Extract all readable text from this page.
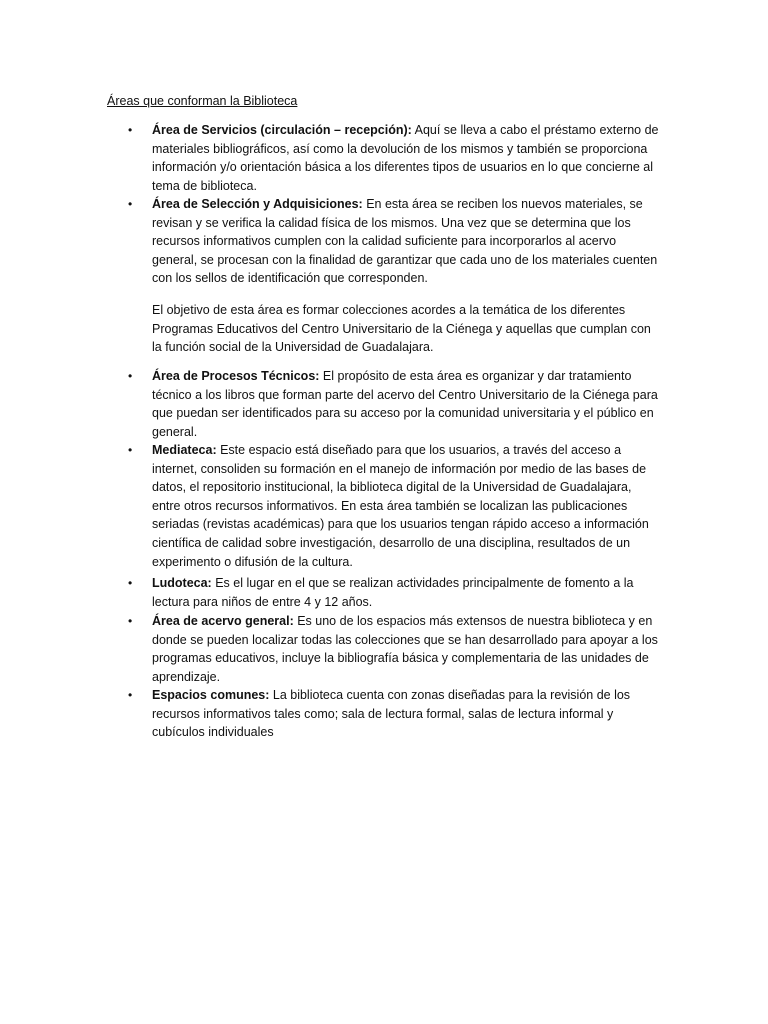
Áreas que conforman la Biblioteca
• Área de Servicios (circulación – recepción): Aquí se lleva a cabo el préstamo externo de materiales bibliográficos, así como la devolución de los mismos y también se proporciona información y/o orientación básica a los diferentes tipos de usuarios en lo que concierne al tema de biblioteca.
• Área de Selección y Adquisiciones: En esta área se reciben los nuevos materiales, se revisan y se verifica la calidad física de los mismos. Una vez que se determina que los recursos informativos cumplen con la calidad suficiente para incorporarlos al acervo general, se procesan con la finalidad de garantizar que cada uno de los materiales cuenten con los sellos de identificación que corresponden.
El objetivo de esta área es formar colecciones acordes a la temática de los diferentes Programas Educativos del Centro Universitario de la Ciénega y aquellas que cumplan con la función social de la Universidad de Guadalajara.
• Área de Procesos Técnicos: El propósito de esta área es organizar y dar tratamiento técnico a los libros que forman parte del acervo del Centro Universitario de la Ciénega para que puedan ser identificados para su acceso por la comunidad universitaria y el público en general.
• Mediateca: Este espacio está diseñado para que los usuarios, a través del acceso a internet, consoliden su formación en el manejo de información por medio de las bases de datos, el repositorio institucional, la biblioteca digital de la Universidad de Guadalajara, entre otros recursos informativos. En esta área también se localizan las publicaciones seriadas (revistas académicas) para que los usuarios tengan rápido acceso a información científica de calidad sobre investigación, desarrollo de una disciplina, resultados de un experimento o difusión de la cultura.
• Ludoteca: Es el lugar en el que se realizan actividades principalmente de fomento a la lectura para niños de entre 4 y 12 años.
• Área de acervo general: Es uno de los espacios más extensos de nuestra biblioteca y en donde se pueden localizar todas las colecciones que se han desarrollado para apoyar a los programas educativos, incluye la bibliografía básica y complementaria de las unidades de aprendizaje.
• Espacios comunes: La biblioteca cuenta con zonas diseñadas para la revisión de los recursos informativos tales como; sala de lectura formal, salas de lectura informal y cubículos individuales
